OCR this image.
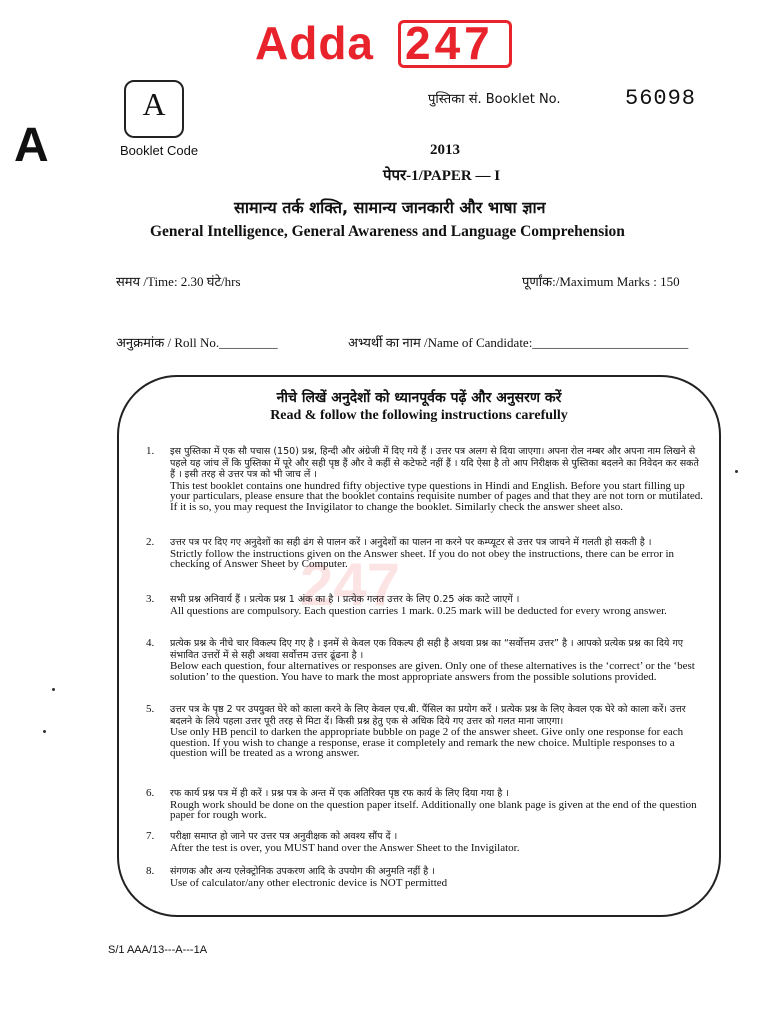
Adda 247
A
A
Booklet Code
पुस्तिका सं. Booklet No.	56098
2013
पेपर-1/PAPER — I
सामान्य तर्क शक्ति, सामान्य जानकारी और भाषा ज्ञान
General Intelligence, General Awareness and Language Comprehension
समय /Time: 2.30 घंटे/hrs	पूर्णांक:/Maximum Marks : 150
अनुक्रमांक / Roll No._________	अभ्यर्थी का नाम /Name of Candidate:________________________
247
नीचे लिखें अनुदेशों को ध्यानपूर्वक पढ़ें और अनुसरण करें
Read & follow the following instructions carefully
1.	इस पुस्तिका में एक सौ पचास (150) प्रश्न, हिन्दी और अंग्रेजी में दिए गये हैं । उत्तर पत्र अलग से दिया जाएगा। अपना रोल नम्बर और अपना नाम लिखने से पहले यह जांच लें कि पुस्तिका में पूरे और सही पृष्ठ हैं और वे कहीं से कटेफटे नहीं हैं । यदि ऐसा है तो आप निरीक्षक से पुस्तिका बदलने का निवेदन कर सकते हैं । इसी तरह से उत्तर पत्र को भी जाच लें ।
This test booklet contains one hundred fifty objective type questions in Hindi and English. Before you start filling up your particulars, please ensure that the booklet contains requisite number of pages and that they are not torn or mutilated. If it is so, you may request the Invigilator to change the booklet. Similarly check the answer sheet also.
2.	उत्तर पत्र पर दिए गए अनुदेशों का सही ढंग से पालन करें । अनुदेशों का पालन ना करने पर कम्प्यूटर से उत्तर पत्र जाचने में गलती हो सकती है ।
Strictly follow the instructions given on the Answer sheet. If you do not obey the instructions, there can be error in checking of Answer Sheet by Computer.
3.	सभी प्रश्न अनिवार्य हैं । प्रत्येक प्रश्न 1 अंक का है । प्रत्येक गलत उत्तर के लिए 0.25 अंक काटे जाएगें ।
All questions are compulsory. Each question carries 1 mark. 0.25 mark will be deducted for every wrong answer.
4.	प्रत्येक प्रश्न के नीचे चार विकल्प दिए गए है । इनमें से केवल एक विकल्प ही सही है अथवा प्रश्न का “सर्वोत्तम उत्तर” है । आपको प्रत्येक प्रश्न का दिये गए संभावित उत्तरों में से सही अथवा सर्वोत्तम उत्तर ढूंढना है ।
Below each question, four alternatives or responses are given. Only one of these alternatives is the ‘correct’ or the ‘best solution’ to the question. You have to mark the most appropriate answers from the possible solutions provided.
5.	उत्तर पत्र के पृष्ठ 2 पर उपयुक्त घेरे को काला करने के लिए केवल एच.बी. पैंसिल का प्रयोग करें । प्रत्येक प्रश्न के लिए केवल एक घेरे को काला करें। उत्तर बदलने के लिये पहला उत्तर पूरी तरह से मिटा दें। किसी प्रश्न हेतु एक से अधिक दिये गए उत्तर को गलत माना जाएगा।
Use only HB pencil to darken the appropriate bubble on page 2 of the answer sheet. Give only one response for each question. If you wish to change a response, erase it completely and remark the new choice. Multiple responses to a question will be treated as a wrong answer.
6.	रफ कार्य प्रश्न पत्र में ही करें । प्रश्न पत्र के अन्त में एक अतिरिक्त पृष्ठ रफ कार्य के लिए दिया गया है ।
Rough work should be done on the question paper itself. Additionally one blank page is given at the end of the question paper for rough work.
7.	परीक्षा समाप्त हो जाने पर उत्तर पत्र अनुवीक्षक को अवश्य सौंप दें ।
After the test is over, you MUST hand over the Answer Sheet to the Invigilator.
8.	संगणक और अन्य एलेक्ट्रोनिक उपकरण आदि के उपयोग की अनुमति नहीं है ।
Use of calculator/any other electronic device is NOT permitted
S/1 AAA/13---A---1A
